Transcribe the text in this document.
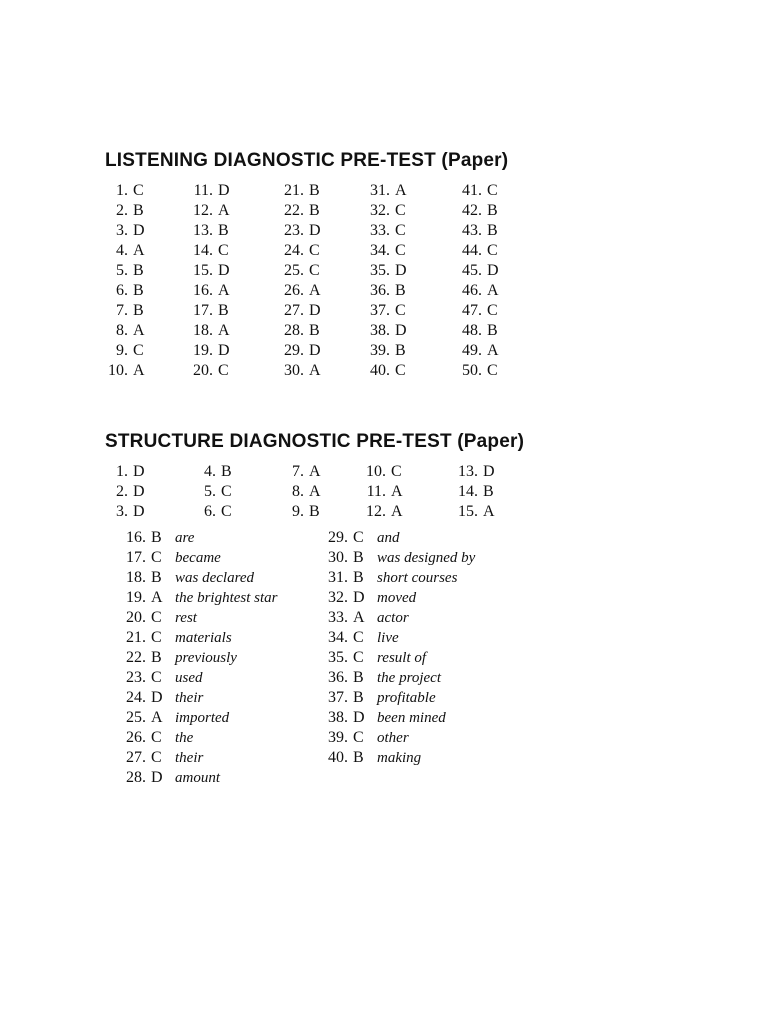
LISTENING DIAGNOSTIC PRE-TEST (Paper)
1. C
2. B
3. D
4. A
5. B
6. B
7. B
8. A
9. C
10. A
11. D
12. A
13. B
14. C
15. D
16. A
17. B
18. A
19. D
20. C
21. B
22. B
23. D
24. C
25. C
26. A
27. D
28. B
29. D
30. A
31. A
32. C
33. C
34. C
35. D
36. B
37. C
38. D
39. B
40. C
41. C
42. B
43. B
44. C
45. D
46. A
47. C
48. B
49. A
50. C
STRUCTURE DIAGNOSTIC PRE-TEST (Paper)
1. D
2. D
3. D
4. B
5. C
6. C
7. A
8. A
9. B
10. C
11. A
12. A
13. D
14. B
15. A
16. B are
17. C became
18. B was declared
19. A the brightest star
20. C rest
21. C materials
22. B previously
23. C used
24. D their
25. A imported
26. C the
27. C their
28. D amount
29. C and
30. B was designed by
31. B short courses
32. D moved
33. A actor
34. C live
35. C result of
36. B the project
37. B profitable
38. D been mined
39. C other
40. B making
